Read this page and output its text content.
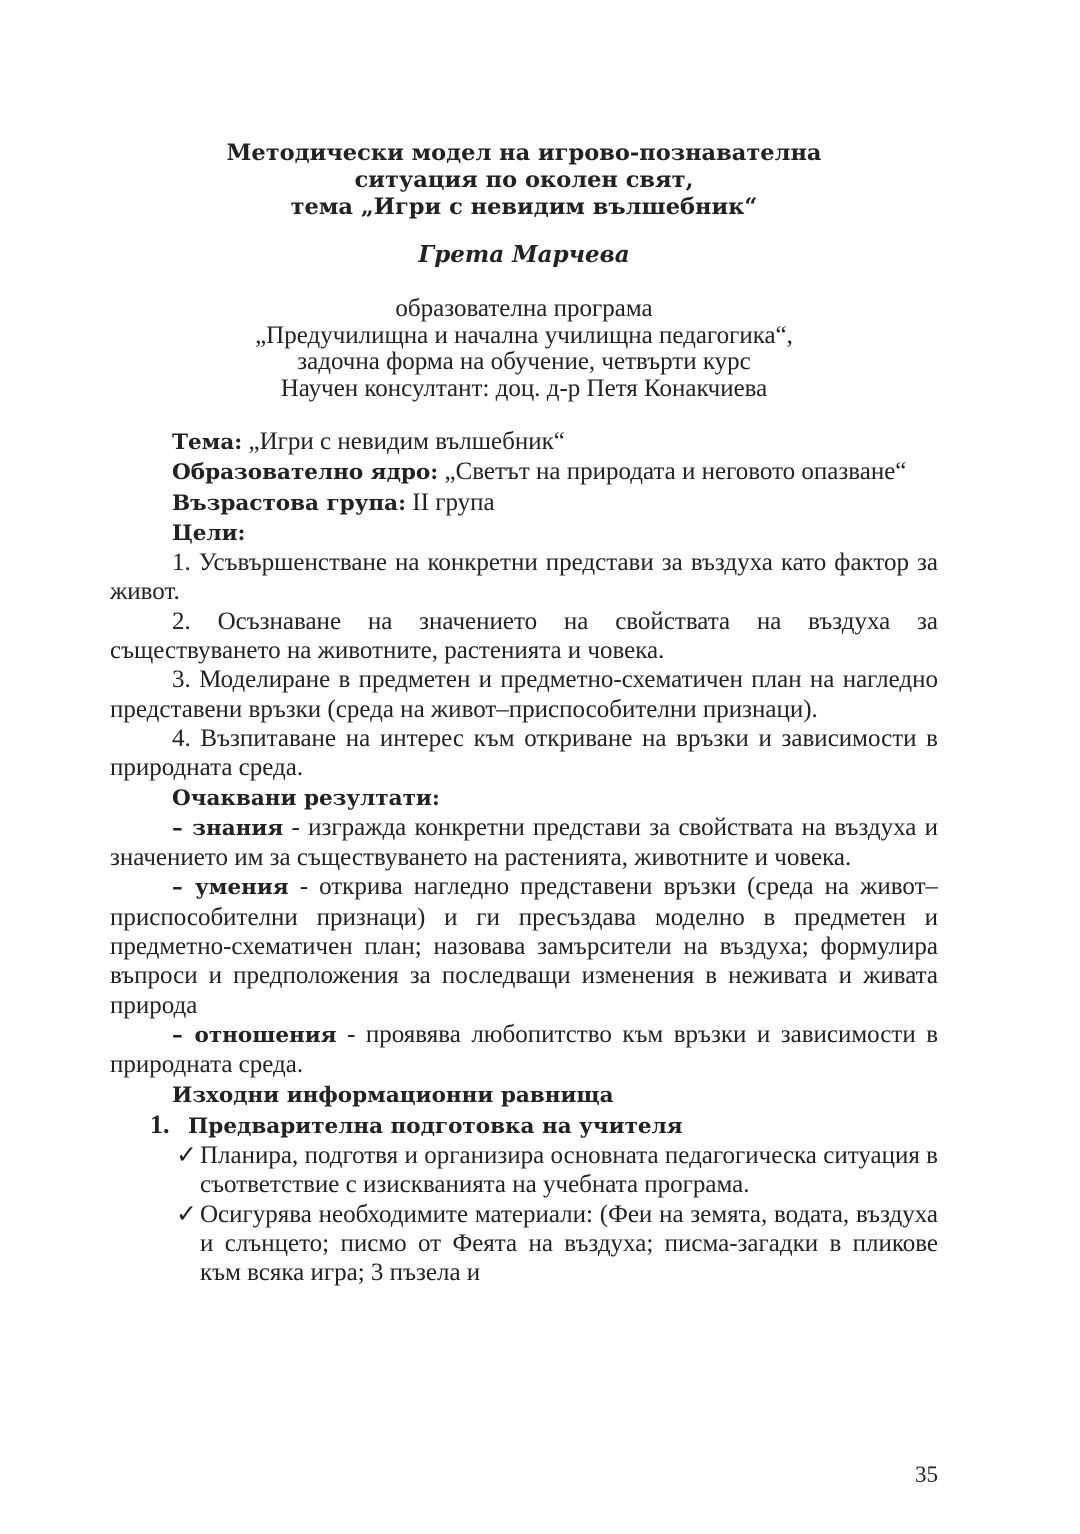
Методически модел на игрово-познавателна
ситуация по околен свят,
тема „Игри с невидим вълшебник“
Грета Марчева
образователна програма
„Предучилищна и начална училищна педагогика“,
задочна форма на обучение, четвърти курс
Научен консултант: доц. д-р Петя Конакчиева

Тема: „Игри с невидим вълшебник“

Образователно ядро: „Светът на природата и неговото опазване“

Възрастова група: II група

Цели:

1. Усъвършенстване на конкретни представи за въздуха като фактор за живот.

2. Осъзнаване на значението на свойствата на въздуха за съществуването на животните, растенията и човека.

3. Моделиране в предметен и предметно-схематичен план на нагледно представени връзки (среда на живот–приспособителни признаци).

4. Възпитаване на интерес към откриване на връзки и зависимости в природната среда.

Очаквани резултати:

– знания - изгражда конкретни представи за свойствата на въздуха и значението им за съществуването на растенията, животните и човека.

– умения - открива нагледно представени връзки (среда на живот–приспособителни признаци) и ги пресъздава моделно в предметен и предметно-схематичен план; назовава замърсители на въздуха; формулира въпроси и предположения за последващи изменения в неживата и живата природа

– отношения - проявява любопитство към връзки и зависимости в природната среда.

Изходни информационни равнища

1. Предварителна подготовка на учителя
✓ Планира, подготвя и организира основната педагогическа ситуация в съответствие с изискванията на учебната програма.
✓ Осигурява необходимите материали: (Феи на земята, водата, въздуха и слънцето; писмо от Феята на въздуха; писма-загадки в пликове към всяка игра; 3 пъзела и
35
